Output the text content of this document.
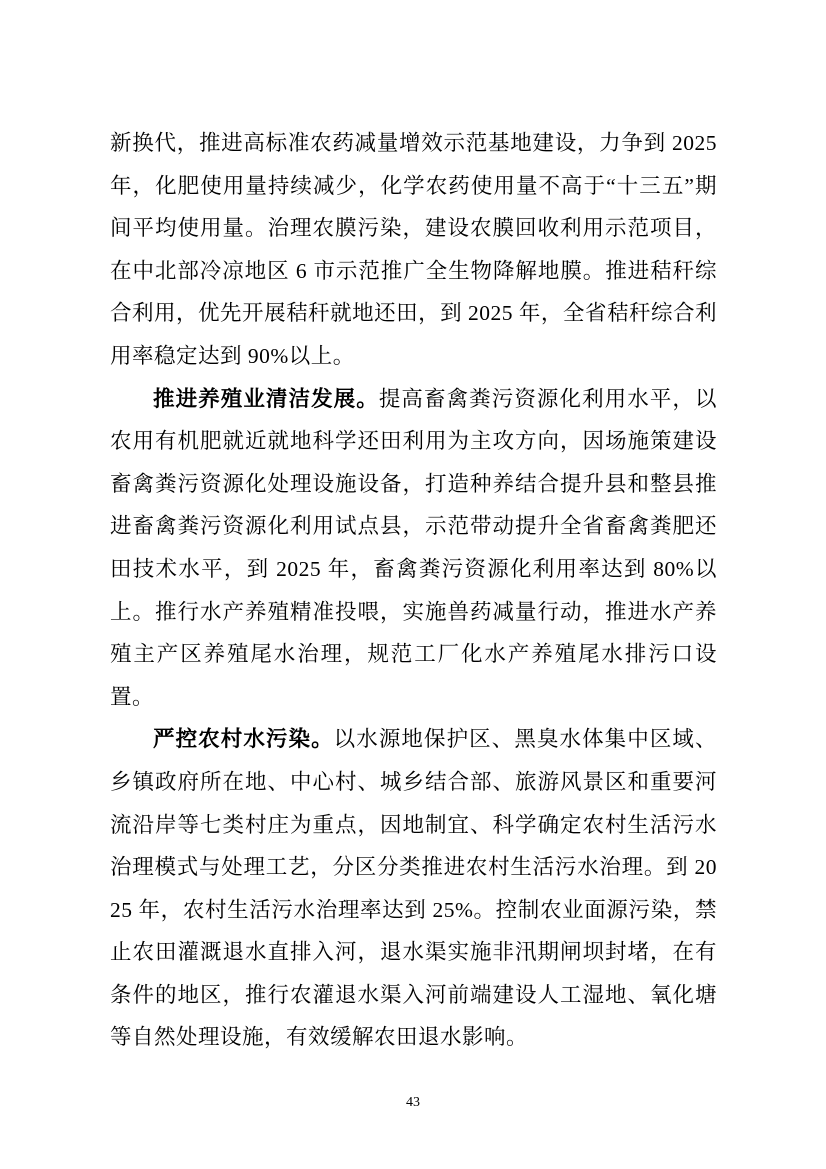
新换代，推进高标准农药减量增效示范基地建设，力争到 2025 年，化肥使用量持续减少，化学农药使用量不高于“十三五”期间平均使用量。治理农膜污染，建设农膜回收利用示范项目，在中北部冷凉地区 6 市示范推广全生物降解地膜。推进秸秆综合利用，优先开展秸秆就地还田，到 2025 年，全省秸秆综合利用率稳定达到 90%以上。

推进养殖业清洁发展。提高畜禽粪污资源化利用水平，以农用有机肥就近就地科学还田利用为主攻方向，因场施策建设畜禽粪污资源化处理设施设备，打造种养结合提升县和整县推进畜禽粪污资源化利用试点县，示范带动提升全省畜禽粪肥还田技术水平，到 2025 年，畜禽粪污资源化利用率达到 80%以上。推行水产养殖精准投喂，实施兽药减量行动，推进水产养殖主产区养殖尾水治理，规范工厂化水产养殖尾水排污口设置。

严控农村水污染。以水源地保护区、黑臭水体集中区域、乡镇政府所在地、中心村、城乡结合部、旅游风景区和重要河流沿岸等七类村庄为重点，因地制宜、科学确定农村生活污水治理模式与处理工艺，分区分类推进农村生活污水治理。到 2025 年，农村生活污水治理率达到 25%。控制农业面源污染，禁止农田灌溉退水直排入河，退水渠实施非汛期闸坝封堵，在有条件的地区，推行农灌退水渠入河前端建设人工湿地、氧化塘等自然处理设施，有效缓解农田退水影响。

43
